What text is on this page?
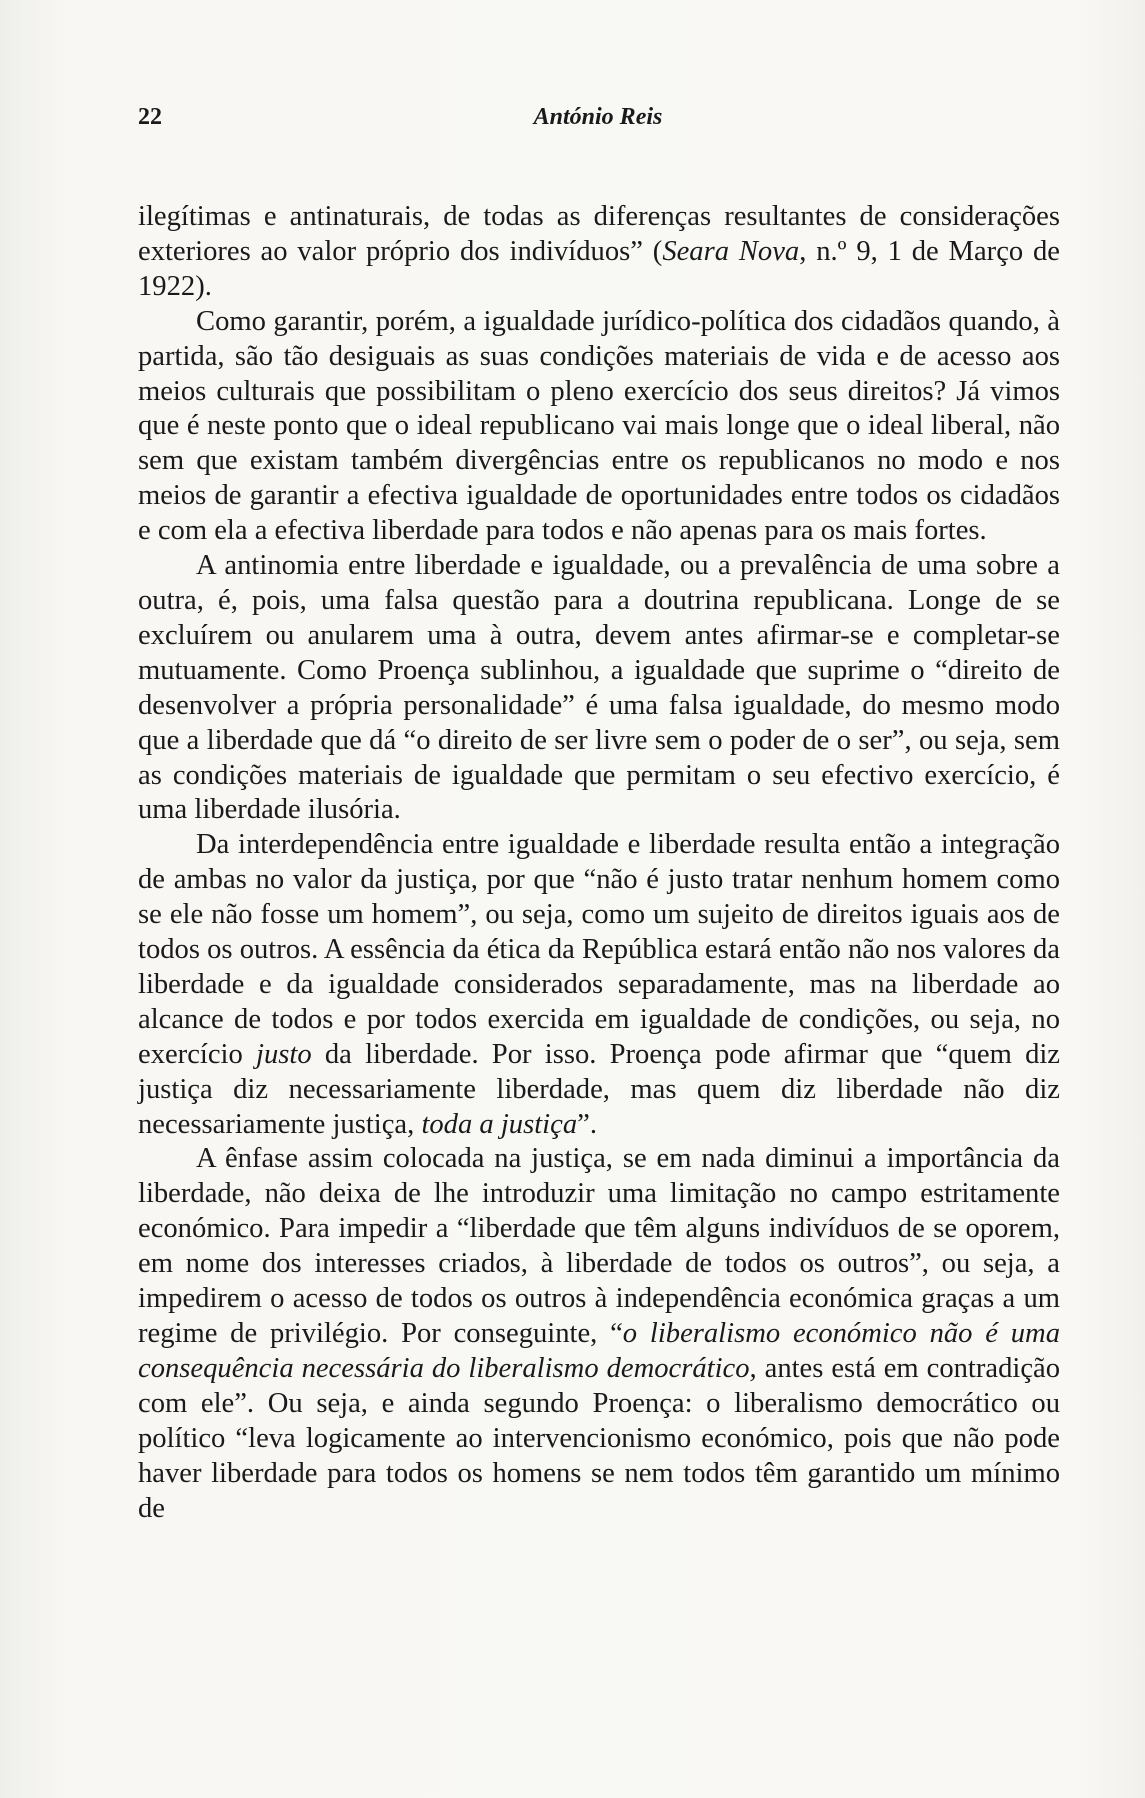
22	António Reis

ilegítimas e antinaturais, de todas as diferenças resultantes de considerações exteriores ao valor próprio dos indivíduos” (Seara Nova, n.º 9, 1 de Março de 1922).

Como garantir, porém, a igualdade jurídico-política dos cidadãos quando, à partida, são tão desiguais as suas condições materiais de vida e de acesso aos meios culturais que possibilitam o pleno exercício dos seus direitos? Já vimos que é neste ponto que o ideal republicano vai mais longe que o ideal liberal, não sem que existam também divergências entre os republicanos no modo e nos meios de garantir a efectiva igualdade de oportunidades entre todos os cidadãos e com ela a efectiva liberdade para todos e não apenas para os mais fortes.

A antinomia entre liberdade e igualdade, ou a prevalência de uma sobre a outra, é, pois, uma falsa questão para a doutrina republicana. Longe de se excluírem ou anularem uma à outra, devem antes afirmar-se e completar-se mutuamente. Como Proença sublinhou, a igualdade que suprime o “direito de desenvolver a própria personalidade” é uma falsa igualdade, do mesmo modo que a liberdade que dá “o direito de ser livre sem o poder de o ser”, ou seja, sem as condições materiais de igualdade que permitam o seu efectivo exercício, é uma liberdade ilusória.

Da interdependência entre igualdade e liberdade resulta então a integração de ambas no valor da justiça, por que “não é justo tratar nenhum homem como se ele não fosse um homem”, ou seja, como um sujeito de direitos iguais aos de todos os outros. A essência da ética da República estará então não nos valores da liberdade e da igualdade considerados separadamente, mas na liberdade ao alcance de todos e por todos exercida em igualdade de condições, ou seja, no exercício justo da liberdade. Por isso. Proença pode afirmar que “quem diz justiça diz necessariamente liberdade, mas quem diz liberdade não diz necessariamente justiça, toda a justiça”.

A ênfase assim colocada na justiça, se em nada diminui a importância da liberdade, não deixa de lhe introduzir uma limitação no campo estritamente económico. Para impedir a “liberdade que têm alguns indivíduos de se oporem, em nome dos interesses criados, à liberdade de todos os outros”, ou seja, a impedirem o acesso de todos os outros à independência económica graças a um regime de privilégio. Por conseguinte, “o liberalismo económico não é uma consequência necessária do liberalismo democrático, antes está em contradição com ele”. Ou seja, e ainda segundo Proença: o liberalismo democrático ou político “leva logicamente ao intervencionismo económico, pois que não pode haver liberdade para todos os homens se nem todos têm garantido um mínimo de
